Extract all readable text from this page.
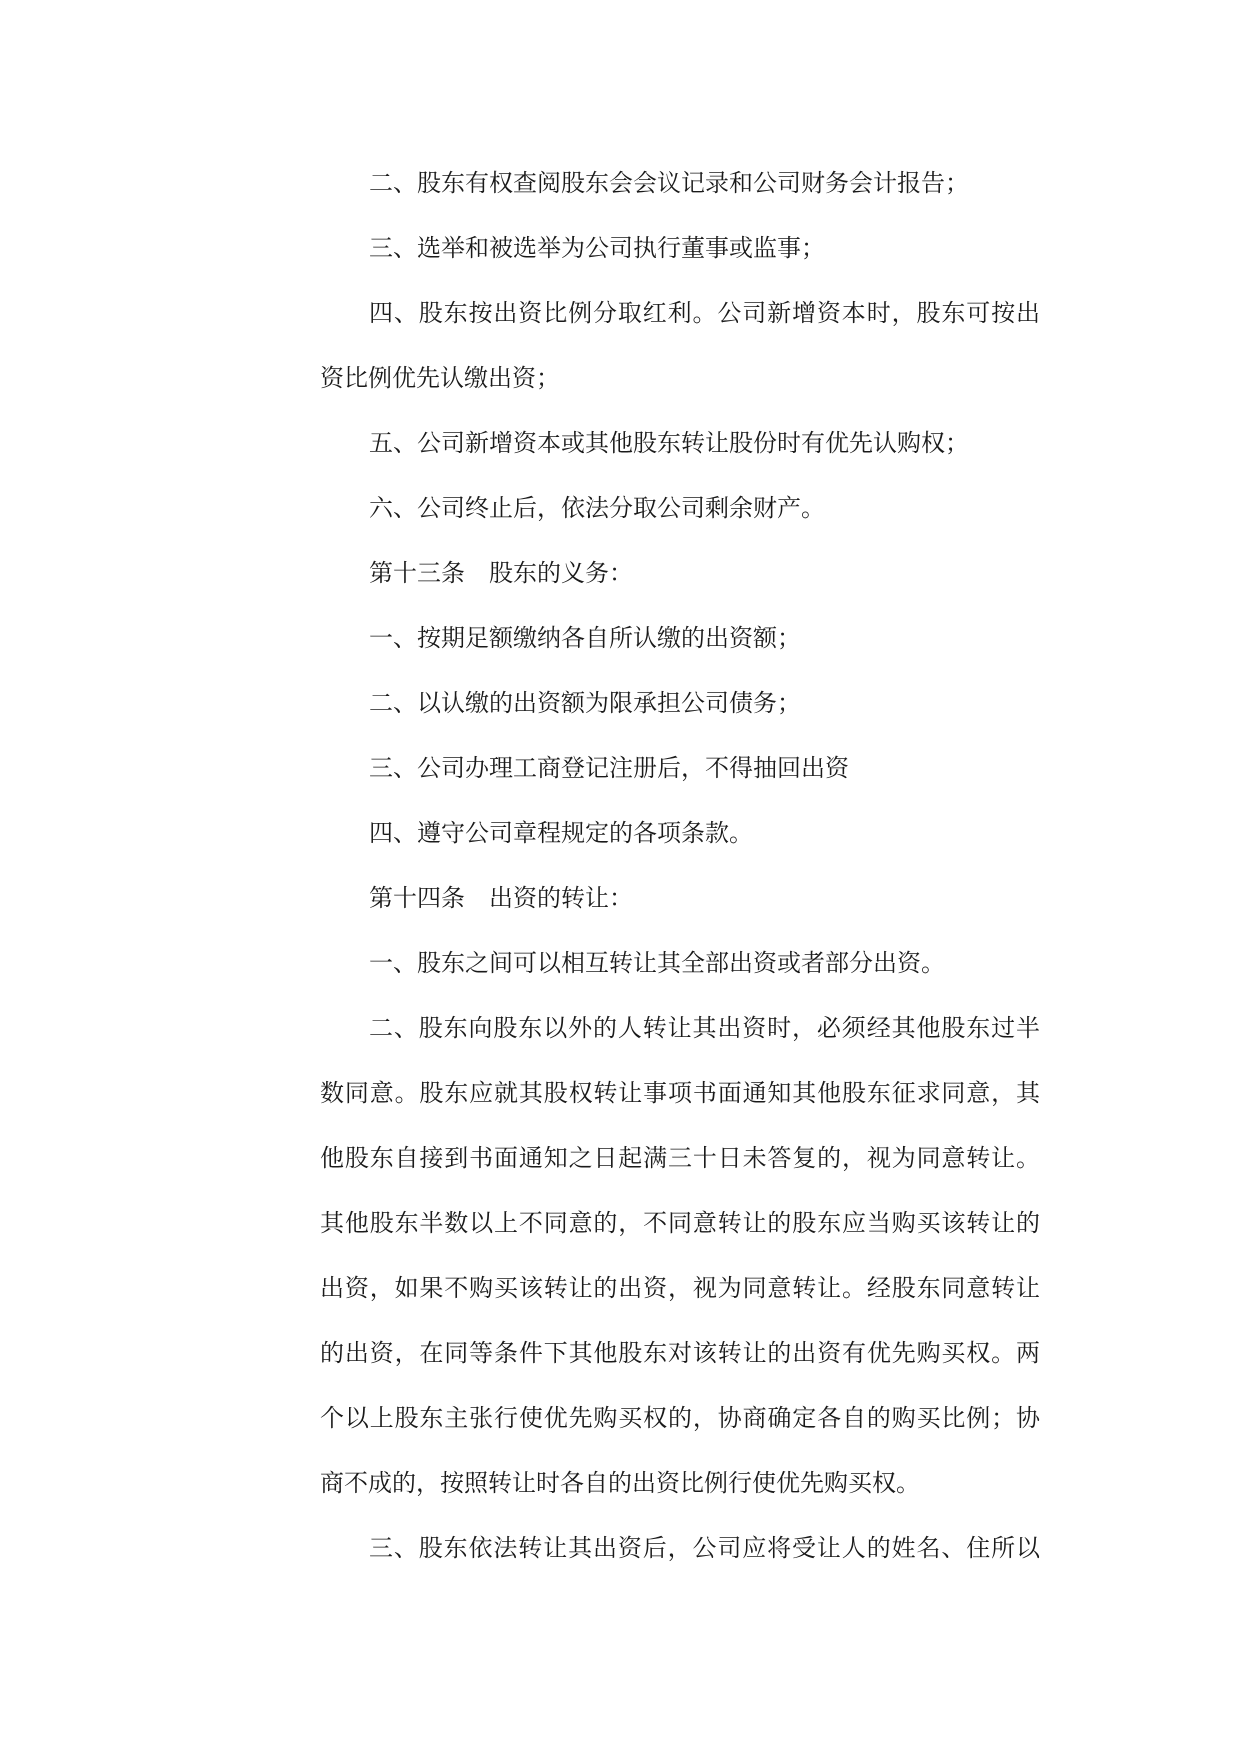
二、股东有权查阅股东会会议记录和公司财务会计报告；
三、选举和被选举为公司执行董事或监事；
四、股东按出资比例分取红利。公司新增资本时，股东可按出
资比例优先认缴出资；
五、公司新增资本或其他股东转让股份时有优先认购权；
六、公司终止后，依法分取公司剩余财产。
第十三条　股东的义务：
一、按期足额缴纳各自所认缴的出资额；
二、以认缴的出资额为限承担公司债务；
三、公司办理工商登记注册后，不得抽回出资
四、遵守公司章程规定的各项条款。
第十四条　出资的转让：
一、股东之间可以相互转让其全部出资或者部分出资。
二、股东向股东以外的人转让其出资时，必须经其他股东过半
数同意。股东应就其股权转让事项书面通知其他股东征求同意，其
他股东自接到书面通知之日起满三十日未答复的，视为同意转让。
其他股东半数以上不同意的，不同意转让的股东应当购买该转让的
出资，如果不购买该转让的出资，视为同意转让。经股东同意转让
的出资，在同等条件下其他股东对该转让的出资有优先购买权。两
个以上股东主张行使优先购买权的，协商确定各自的购买比例；协
商不成的，按照转让时各自的出资比例行使优先购买权。
三、股东依法转让其出资后，公司应将受让人的姓名、住所以
